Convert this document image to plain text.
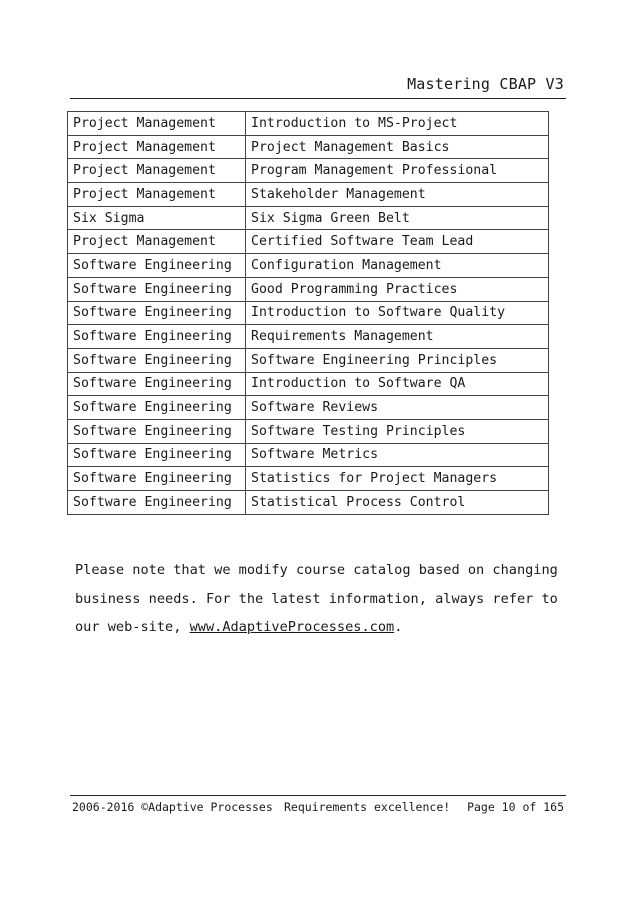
Mastering CBAP V3
Project Management	Introduction to MS-Project
Project Management	Project Management Basics
Project Management	Program Management Professional
Project Management	Stakeholder Management
Six Sigma	Six Sigma Green Belt
Project Management	Certified Software Team Lead
Software Engineering	Configuration Management
Software Engineering	Good Programming Practices
Software Engineering	Introduction to Software Quality
Software Engineering	Requirements Management
Software Engineering	Software Engineering Principles
Software Engineering	Introduction to Software QA
Software Engineering	Software Reviews
Software Engineering	Software Testing Principles
Software Engineering	Software Metrics
Software Engineering	Statistics for Project Managers
Software Engineering	Statistical Process Control
Please note that we modify course catalog based on changing business needs. For the latest information, always refer to our web-site, www.AdaptiveProcesses.com.
2006-2016 ©Adaptive Processes Requirements excellence! Page 10 of 165
